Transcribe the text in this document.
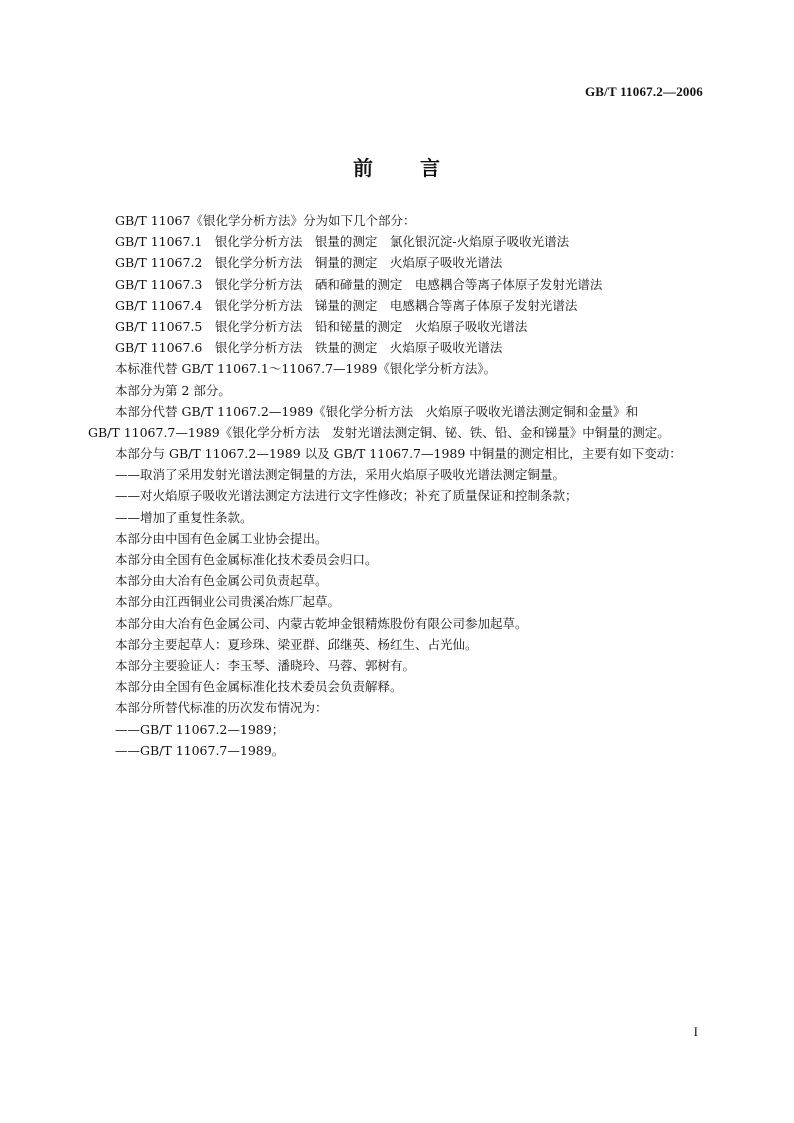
GB/T 11067.2—2006
前 言
GB/T 11067《银化学分析方法》分为如下几个部分：
GB/T 11067.1　银化学分析方法　银量的测定　氯化银沉淀-火焰原子吸收光谱法
GB/T 11067.2　银化学分析方法　铜量的测定　火焰原子吸收光谱法
GB/T 11067.3　银化学分析方法　硒和碲量的测定　电感耦合等离子体原子发射光谱法
GB/T 11067.4　银化学分析方法　锑量的测定　电感耦合等离子体原子发射光谱法
GB/T 11067.5　银化学分析方法　铅和铋量的测定　火焰原子吸收光谱法
GB/T 11067.6　银化学分析方法　铁量的测定　火焰原子吸收光谱法
本标准代替 GB/T 11067.1～11067.7—1989《银化学分析方法》。
本部分为第 2 部分。
本部分代替 GB/T 11067.2—1989《银化学分析方法　火焰原子吸收光谱法测定铜和金量》和
GB/T 11067.7—1989《银化学分析方法　发射光谱法测定铜、铋、铁、铅、金和锑量》中铜量的测定。
本部分与 GB/T 11067.2—1989 以及 GB/T 11067.7—1989 中铜量的测定相比，主要有如下变动：
——取消了采用发射光谱法测定铜量的方法，采用火焰原子吸收光谱法测定铜量。
——对火焰原子吸收光谱法测定方法进行文字性修改；补充了质量保证和控制条款；
——增加了重复性条款。
本部分由中国有色金属工业协会提出。
本部分由全国有色金属标准化技术委员会归口。
本部分由大冶有色金属公司负责起草。
本部分由江西铜业公司贵溪冶炼厂起草。
本部分由大冶有色金属公司、内蒙古乾坤金银精炼股份有限公司参加起草。
本部分主要起草人：夏珍珠、梁亚群、邱继英、杨红生、占光仙。
本部分主要验证人：李玉琴、潘晓玲、马蓉、郭树有。
本部分由全国有色金属标准化技术委员会负责解释。
本部分所替代标准的历次发布情况为：
——GB/T 11067.2—1989；
——GB/T 11067.7—1989。
I
